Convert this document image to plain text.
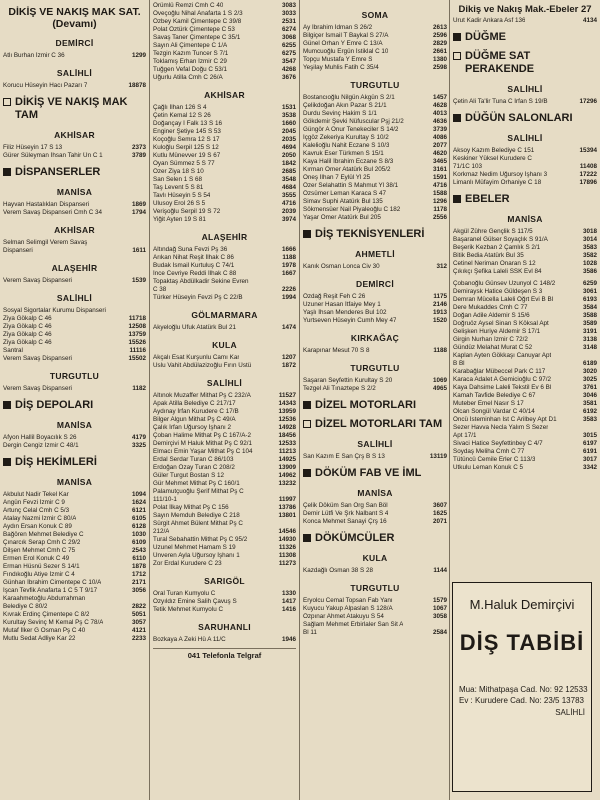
DİKİŞ VE NAKIŞ MAK SAT. (Devamı)
DEMİRCİ
Atlı Burhan İzmir C 36	1299
SALİHLİ
Korucu Hüseyin Hacı Pazarı 7	18878
DİKİŞ VE NAKIŞ MAK TAM
AKHİSAR
Filiz Hüseyin 17 S 13	2373
Gürer Süleyman İhsan Tahir Ün C 1	3789
DİSPANSERLER
MANİSA
Hayvan Hastalıkları Dispanseri	1869
Verem Savaş Dispanseri Cmh C 34	1794
AKHİSAR
Selman Selimgil Verem Savaş
Dispanseri	1611
ALAŞEHİR
Verem Savaş Dispanseri	1539
SALİHLİ
Sosyal Sigortalar Kurumu Dispanseri
Ziya Gökalp C 46	11718
Ziya Gökalp C 46	12508
Ziya Gökalp C 46	13759
Ziya Gökalp C 46	15526
Santral	11116
Verem Savaş Dispanseri	15502
TURGUTLU
Verem Savaş Dispanseri	1182
DİŞ DEPOLARI
MANİSA
Afyon Hallil Boyacılık S 26	4179
Dergin Cengiz İzmir C 48/1	3325
DİŞ HEKİMLERİ
MANİSA
Akbulut Nadir Tekel Kar	1094
Angün Fevzi İzmir C 9	1624
Artunç Celal Cmh C 5/3	6121
Atalay Nazmi İzmir C 80/A	6105
Aydın Ersan Konuk C 89	6128
Bağören Mehmet Belediye C	1030
Çınarcık Serap Cmh C 29/2	6109
Dilşen Mehmet Cmh C 75	2543
Ermen Erol Konuk C 49	6110
Erman Hüsnü Sezer S 14/1	1878
Fındıkoğlu Atiye İzmir C 4	1712
Günhan İbrahim Cimentepe C 10/A	2171
İşcan Tevfik Anafarta 1 C 5 T 9/17	3056
Karaahmetoğlu Abdurrahman
Belediye C 80/2	2822
Kıvrak Erdinç Çimentepe C 8/2	5051
Kurultay Sevinç M Kemal Pş C 78/A	3057
Mutaf İlker G Osman Pş C 40	4121
Mutlu Sedat Adliye Kar 22	2233
Örümlü Remzi Cmh C 40	3083
Öveçoğlu Nihal Anafarta 1 S 2/3	3033
Özbey Kamil Çimentepe C 39/8	2531
Polat Öztürk Çimentepe C 53	6274
Savaş Taner Çimentepe C 35/1	3068
Sayın Ali Çimentepe C 1/A	6255
Tezgin Kazım Tuncer S 7/1	6275
Toklamış Erhan İzmir C 29	3547
Tuğgen Vefal Doğu C 53/1	4268
Uğurlu Atilla Cmh C 26/A	3676
AKHİSAR
Çağlı İlhan 126 S 4	1531
Çetin Kemal 12 S 26	3538
Doğançay İ Falk 13 S 16	1660
Enginer Şetiye 145 S 53	2045
Koçoğlu Semra 12 S 17	2035
Kuloğlu Serpil 125 S 12	4694
Kutlu Münevver 19 S 67	2050
Oyan Sümmez 5 S 77	1842
Özer Ziya 18 S 10	2685
San Selen 1 S 68	3548
Taş Levent 5 S 81	4684
Tavlı Hüseyin 5 S 54	3555
Ulusoy Erol 26 S 5	4716
Verişoğlu Serpil 19 S 72	2039
Yiğit Ayten 19 S 81	3974
ALAŞEHİR
Altındağ Suna Fevzi Pş 36	1666
Arıkan Nihat Reşit İlhak C 86	1188
Budak İsmail Kurtuluş C 74/1	1978
İnce Cevriye Reddi İlhak C 88	1667
Topaktaş Abdülkadir Sekine Evren
C 38	2226
Türker Hüseyin Fevzi Pş C 22/B	1994
GÖLMARMARA
Akyeloğlu Ufuk Atatürk Bul 21	1474
KULA
Akçalı Esat Kurşunlu Camı Kar	1207
Uslu Vahit Abdülazizoğlu Fırın Üstü	1872
SALİHLİ
Altınok Muzaffer Mithat Pş C 232/A	11527
Apak Atilla Belediye C 217/17	14343
Aydınay İrfan Kurudere C 17/B	13959
Bilger Algun Mithat Pş C 49/A	12536
Çalık İrfan Uğursoy İşhanı 2	14928
Çoban Halime Mithat Pş C 167/A-2	18456
Demirçivi M Haluk Mithat Pş C 92/1	12533
Elmacı Emin Yaşar Mithat Pş C 104	11213
Erdal Serdar Turan C 86/103	14925
Erdoğan Özay Turan C 208/2	13909
Güler Turgut Bostan S 12	14962
Gür Mehmet Mithat Pş C 160/1	13232
Palamutçuoğlu Şerif Mithat Pş C
111/10-1	11997
Polat İlkay Mithat Pş C 156	13786
Sayın Memduh Belediye C 218	13801
Sürgit Ahmet Bülent Mithat Pş C
212/A	14546
Tural Sebahattin Mithat Pş C 95/2	14930
Uzunel Mehmet Hamam S 19	11326
Ünveren Ayla Uğursoy İşhanı 1	11308
Zor Erdal Kurudere C 23	11273
SARIGÖL
Oral Turan Kumyolu C	1330
Özyıldız Emine Salih Çavuş S	1417
Tetik Mehmet Kumyolu C	1416
SARUHANLI
Bozkaya A Zeki Hü A 11/C	1946
041 Telefonla Telgraf
SOMA
Ay İbrahim İdman S 26/2	2613
Bilgiçer İsmail T Baykal S 27/A	2596
Günel Orhan Y Emre C 13/A	2829
Mumcuoğlu Ergün İstiklal C 10	2661
Topçu Mustafa Y Emre S	1380
Yeşilay Muhlis Fatih C 35/4	2598
TURGUTLU
Bostancıoğlu Nilgün Akgün S 2/1	1457
Çelikdoğan Akın Pazar S 21/1	4628
Durdu Sevinç Hakim S 1/1	4013
Gökdemir Şevki Nüfuscular Pşj 21/2	4636
Güngör A Onur Tenekeciler S 14/2	3739
İçgöz Zekeriya Kurultay S 10/2	4086
Kaleli̇oğlu Nahit Eczane S 10/3	2077
Kavruk Eser Türkmen S 15/1	4620
Kaya Halil İbrahim Eczane S 8/3	3465
Kırman Ömer Atatürk Bul 205/2	3161
Öneş İlhan 7 Eylül Yl 25	1591
Özer Selahattin S Mahmut Yl 38/1	4716
Özsümer Leman Karaca S 47	1588
Simav Suphi Atatürk Bul 135	1296
Sökmensüer Nail Piyaleoğlu C 182	1178
Yaşar Ömer Atatürk Bul 205	2556
DİŞ TEKNİSYENLERİ
AHMETLİ
Kanık Osman Lonca Civ 30	312
DEMİRCİ
Özdağ Reşit Feh C 26	1175
Uzuner Hasan İtfaiye Mey 1	2146
Yaşlı İhsan Menderes Bul 102	1913
Yurtseven Hüseyin Cumh Mey 47	1520
KIRKAĞAÇ
Karapınar Mesut 70 S 8	1188
TURGUTLU
Saşaran Seyfettin Kurultay S 20	1069
Tezgel Ali Tınaztepe S 2/2	4965
DİZEL MOTORLARI
DİZEL MOTORLARI TAM
SALİHLİ
San Kazım E San Çrş B S 13	13119
DÖKÜM FAB VE İML
MANİSA
Çelik Döküm San Org San Böl	3607
Demir Lütfi Ve Şrk Nalbant S 4	1625
Konca Mehmet Sanayi Çrş 16	2071
DÖKÜMCÜLER
KULA
Kazdağlı Osman 38 S 28	1144
TURGUTLU
Eryolcu Cemal Topsan Fab Yanı	1579
Kuyucu Yakup Alpaslan S 128/A	1067
Özpınar Ahmet Atakuyu S 54	3058
Sağlam Mehmet Erbirlaler San Sit A
Bl 11	2584
Dikiş ve Nakış Mak.-Ebeler 27
Urut Kadir Ankara Asf 136	4134
DÜĞME
DÜĞME SAT PERAKENDE
SALİHLİ
Çetin Ali Ta'lir Tuna C İrfan S 19/B	17296
DÜĞÜN SALONLARI
SALİHLİ
Aksoy Kazım Belediye C 151	15394
Keskiner Yüksel Kurudere C
71/1C 103	11408
Korkmaz Nedim Uğursoy İşhanı 3	17222
Limanlı Müfayim Orhaniye C 18	17896
EBELER
MANİSA
Akgül Zühre Gençlik S 117/5	3018
Başaranel Gülser Soyaçlık S 91/A	3014
Beşerik Kezban 2 Çamlık S 2/1	3583
Bitik Bedia Atatürk Bul 35	3582
Cetinel Neriman Onaran S 12	1028
Çıkıkçı Şefika Laleli SSK Evl 84	3586
Çobanoğlu Günsev Uzunyol C 148/2	6259
Demiraysk Hatice Güldeşen S 3	3061
Demran Mücella Laleli Öğrt Evi B Bl	6193
Dere Mukaddes Cmh C 77	3584
Doğan Adile Aldemir S 15/6	3588
Doğruöz Aysel Sinan S Köksal Apt	3589
Gelişken Huriye Aldemir S 17/1	3191
Girgin Nurhan İzmir C 72/2	3138
Gündüz Melahat Murat C 52	3148
Kaplan Ayten Gökkaşı Canuyar Apt
B Bl	6189
Karabağlar Mübeccel Park C 117	3020
Karaca Adalet A Gemicioğlu C 97/2	3025
Kaya Dahsime Laleli Tekstil Ev 6 Bl	3761
Kamah Tavfide Belediye C 67	3046
Muteber Emel Nasır S 17	3581
Olcan Songül Vardar C 40/14	6192
Öncü İsteminhan Ist C Arilbey Apt D1	3583
Sezer Havva Necla Yalım S Sezer
Apt 17/1	3015
Sivaci Hatice Seyfettinbey C 4/7	6197
Soydaş Meliha Cmh C 77	6191
Tütüncü Cemile Erler C 113/3	3017
Utkulu Leman Konuk C 5	3342
M.Haluk Demirçivi
DİŞ TABİBİ
Mua: Mithatpaşa Cad. No: 92 12533
Ev : Kurudere Cad. No: 23/5 13783
SALİHLİ
